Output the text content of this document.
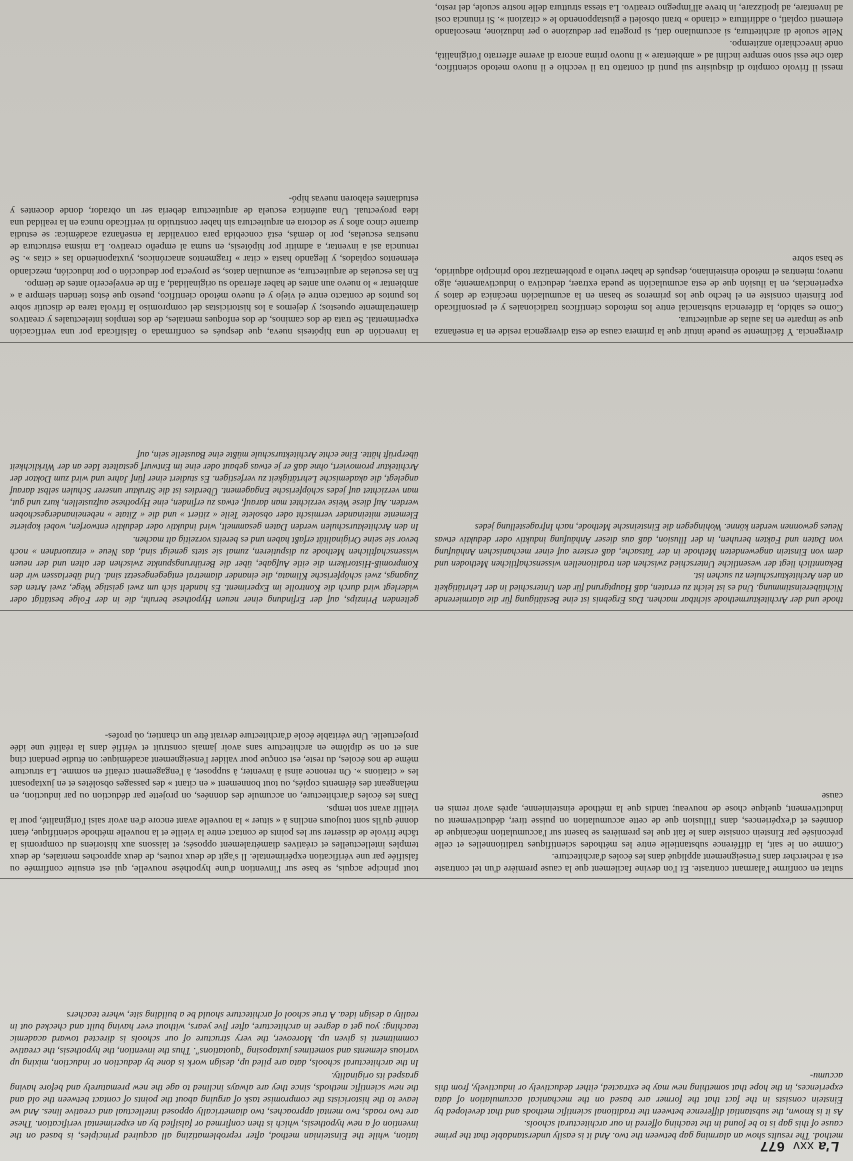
L'a xxv 677

method. The results show an alarming gap between the two. And it is easily understandable that the prime cause of this gap is to be found in the teaching offered in our architectural schools.
As it is known, the substantial difference between the traditional scientific methods and that developed by Einstein consists in the fact that the former are based on the mechanical accumulation of data experiences, in the hope that something new may be extracted, either deductively or inductively, from this accumu-

lation, while the Einsteinian method, after reproblematizing all acquired principles, is based on the invention of a new hypothesis, which is then confirmed or falsified by an experimental verification. These are two roads, two mental approaches, two diametrically opposed intellectual and creative lines. And we leave to the historicists the compromise task of arguing about the points of contact between the old and the new scientific methods, since they are always inclined to age the new prematurely and before having grasped its originality.
In the architectural schools, data are piled up, design work is done by deduction or induction, mixing up various elements and sometimes juxtaposing "quotations". Thus the invention, the hypothesis, the creative commitment is given up. Moreover, the very structure of our schools is directed toward academic teaching: you get a degree in architecture, after five years, without ever having built and checked out in reality a design idea. A true school of architecture should be a building site, where teachers

sultat en confirme l'alarmant contraste. Et l'on devine facilement que la cause première d'un tel contraste est à rechercher dans l'enseignement appliqué dans les écoles d'architecture.
Comme on le sait, la différence substantielle entre les méthodes scientifiques traditionnelles et celle préconisée par Einstein consiste dans le fait que les premières se basent sur l'accumulation mécanique de données et d'expériences, dans l'illusion que de cette accumulation on puisse tirer, déductivement ou inductivement, quelque chose de nouveau; tandis que la méthode einsteinienne, après avoir remis en cause

tout principe acquis, se base sur l'invention d'une hypothèse nouvelle, qui est ensuite confirmée ou falsifiée par une vérification expérimentale. Il s'agit de deux routes, de deux approches mentales, de deux temples intellectuelles et créatives diamétralement opposés; et laissons aux historiens du compromis la tâche frivole de disserter sur les points de contact entre la vieille et la nouvelle méthode scientifique, étant donné qu'ils sont toujours enclins à « situer » la nouvelle avant encore d'en avoir saisi l'originalité, pour la vieillir avant son temps.
Dans les écoles d'architecture, on accumule des données, on projette par déduction ou par induction, en mélangeant des éléments copiés, ou tout bonnement « en citant » des passages obsolètes et en juxtaposant les « citations ». On renonce ainsi à inventer, à supposer, à l'engagement créatif en somme. La structure même de nos écoles, du reste, est conçue pour valider l'enseignement académique: on étudie pendant cinq ans et on se diplôme en architecture sans avoir jamais construit et vérifié dans la réalité une idée projectuelle. Une véritable école d'architecture devrait être un chantier, où profes-

thode und der Architekturmethode sichtbar machen. Das Ergebnis ist eine Bestätigung für die alarmierende Nichtübereinstimmung. Und es ist leicht zu erraten, daß Hauptgrund für den Unterschied in der Lehrtätigkeit an den Architekturschulen zu suchen ist.
Bekanntlich liegt der wesentliche Unterschied zwischen den traditionellen wissenschaftlichen Methoden und dem von Einstein angewendeten Methode in der Tatsache, daß erstere auf einer mechanischen Anhäufung von Daten und Fakten beruhen, in der Illusion, daß aus dieser Anhäufung induktiv oder deduktiv etwas Neues gewonnen werden könne. Wohingegen die Einsteinsche Methode, nach Infragestellung jedes

geltenden Prinzips, auf der Erfindung einer neuen Hypothese beruht, die in der Folge bestätigt oder widerlegt wird durch die Kontrolle im Experiment. Es handelt sich um zwei geistige Wege, zwei Arten des Zugangs, zwei schöpferische Klimata, die einander diametral entgegengesetzt sind. Und überlassen wir den Kompromiß-Historikern die eitle Aufgabe, über die Berührungspunkte zwischen der alten und der neuen wissenschaftlichen Methode zu disputieren, zumal sie stets geneigt sind, das Neue « einzuordnen » noch bevor sie seine Originalität erfaßt haben und es bereits vorzeitig alt machen.
In den Architekturschulen werden Daten gesammelt, wird induktiv oder deduktiv entworfen, wobei kopierte Elemente miteinander vermischt oder obsolete Teile « zitiert » und die « Zitate » nebeneinandergeschoben werden. Auf diese Weise verzichtet man darauf, etwas zu erfinden, eine Hypothese aufzustellen, kurz und gut, man verzichtet auf jedes schöpferische Engagement. Überdies ist die Struktur unserer Schulen selbst darauf angelegt, die akademische Lehrtätigkeit zu verfestigen. Es studiert einer fünf Jahre und wird zum Doktor der Architektur promoviert, ohne daß er je etwas gebaut oder eine im Entwurf gestaltete Idee an der Wirklichkeit überprüft hätte. Eine echte Architekturschule müßte eine Baustelle sein, auf

divergencia. Y fácilmente se puede intuir que la primera causa de esta divergencia reside en la enseñanza que se imparte en las aulas de arquitectura.
Como es sabido, la diferencia substancial entre los métodos científicos tradicionales y el personificado por Einstein consiste en el hecho que los primeros se basan en la acumulación mecánica de datos y experiencias, en la ilusión que de esta acumulación se pueda extraer, deductiva o inductivamente, algo nuevo; mientras el método einsteiniano, después de haber vuelto a problematizar todo principio adquirido, se basa sobre

la invención de una hipótesis nueva, que después es confirmada o falsificada por una verificación experimental. Se trata de dos caminos, de dos enfoques mentales, de dos templos intelectuales y creativos diametralmente opuestos; y dejemos a los historicistas del compromiso la frívola tarea de discutir sobre los puntos de contacto entre el viejo y el nuevo método científico, puesto que éstos tienden siempre a « ambientar » lo nuevo aun antes de haber aferrado su originalidad, a fin de envejecerlo antes de tiempo.
En las escuelas de arquitectura, se acumulan datos, se proyecta por deducción o por inducción, mezclando elementos copiados, y llegando hasta « citar » fragmentos anacrónicos, yuxtaponiendo las « citas ». Se renuncia así a inventar, a admitir por hipótesis, en suma al empeño creativo. La misma estructura de nuestras escuelas, por lo demás, está concebida para convalidar la enseñanza académica: se estudia durante cinco años y se doctora en arquitectura sin haber construido ni verificado nunca en la realidad una idea proyectual. Una auténtica escuela de arquitectura debería ser un obrador, donde docentes y estudiantes elaboren nuevas hipó-

messi il frivolo compito di disquisire sui punti di contatto tra il vecchio e il nuovo metodo scientifico, dato che essi sono sempre inclini ad « ambientare » il nuovo prima ancora di averne afferrato l'originalità, onde invecchiarlo anzitempo.
Nelle scuole di architettura, si accumulano dati, si progetta per deduzione o per induzione, mescolando elementi copiati, o addirittura « citando » brani obsoleti e giustapponendo le « citazioni ». Si rinuncia così ad inventare, ad ipotizzare, in breve all'impegno creativo. La stessa struttura delle nostre scuole, del resto,
